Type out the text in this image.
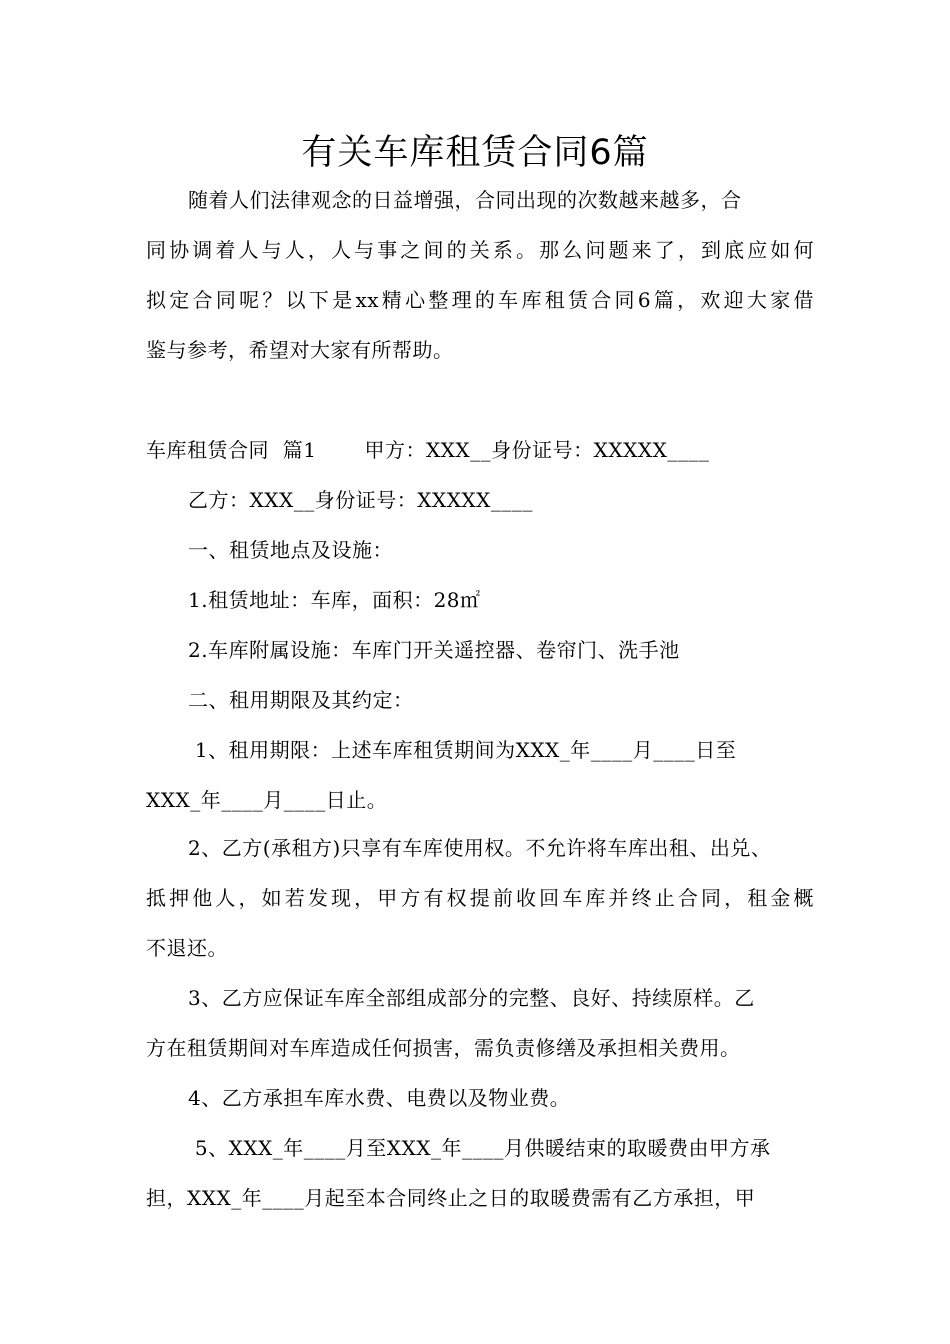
有关车库租赁合同6篇
随着人们法律观念的日益增强，合同出现的次数越来越多，合
同协调着人与人，人与事之间的关系。那么问题来了，到底应如何
拟定合同呢？以下是xx精心整理的车库租赁合同6篇，欢迎大家借
鉴与参考，希望对大家有所帮助。
车库租赁合同  篇1       甲方：XXX__身份证号：XXXXX____
乙方：XXX__身份证号：XXXXX____
一、租赁地点及设施：
1.租赁地址：车库，面积：28㎡
2.车库附属设施：车库门开关遥控器、卷帘门、洗手池
二、租用期限及其约定：
1、租用期限：上述车库租赁期间为XXX_年____月____日至
XXX_年____月____日止。
2、乙方(承租方)只享有车库使用权。不允许将车库出租、出兑、
抵押他人，如若发现，甲方有权提前收回车库并终止合同，租金概
不退还。
3、乙方应保证车库全部组成部分的完整、良好、持续原样。乙
方在租赁期间对车库造成任何损害，需负责修缮及承担相关费用。
4、乙方承担车库水费、电费以及物业费。
5、XXX_年____月至XXX_年____月供暖结束的取暖费由甲方承
担，XXX_年____月起至本合同终止之日的取暖费需有乙方承担，甲
